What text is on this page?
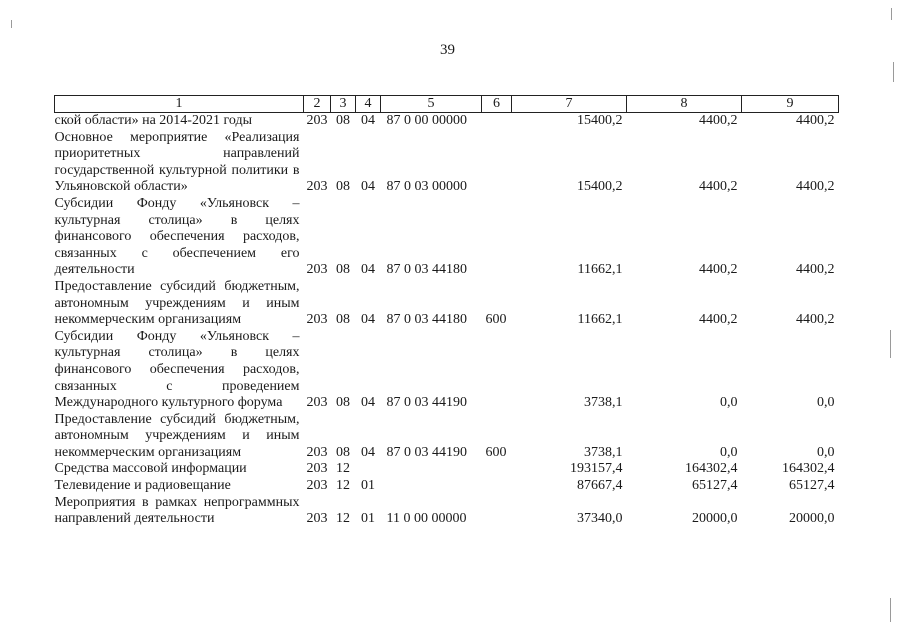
39
1	2	3	4	5	6	7	8	9
ской области» на 2014-2021 годы	203	08	04	87 0 00 00000		15400,2	4400,2	4400,2
Основное мероприятие «Реализация приоритетных направлений государственной культурной политики в Ульяновской области»	203	08	04	87 0 03 00000		15400,2	4400,2	4400,2
Субсидии Фонду «Ульяновск – культурная столица» в целях финансового обеспечения расходов, связанных с обеспечением его деятельности	203	08	04	87 0 03 44180		11662,1	4400,2	4400,2
Предоставление субсидий бюджетным, автономным учреждениям и иным некоммерческим организациям	203	08	04	87 0 03 44180	600	11662,1	4400,2	4400,2
Субсидии Фонду «Ульяновск – культурная столица» в целях финансового обеспечения расходов, связанных с проведением Международного культурного форума	203	08	04	87 0 03 44190		3738,1	0,0	0,0
Предоставление субсидий бюджетным, автономным учреждениям и иным некоммерческим организациям	203	08	04	87 0 03 44190	600	3738,1	0,0	0,0
Средства массовой информации	203	12				193157,4	164302,4	164302,4
Телевидение и радиовещание	203	12	01			87667,4	65127,4	65127,4
Мероприятия в рамках непрограммных направлений деятельности	203	12	01	11 0 00 00000		37340,0	20000,0	20000,0
